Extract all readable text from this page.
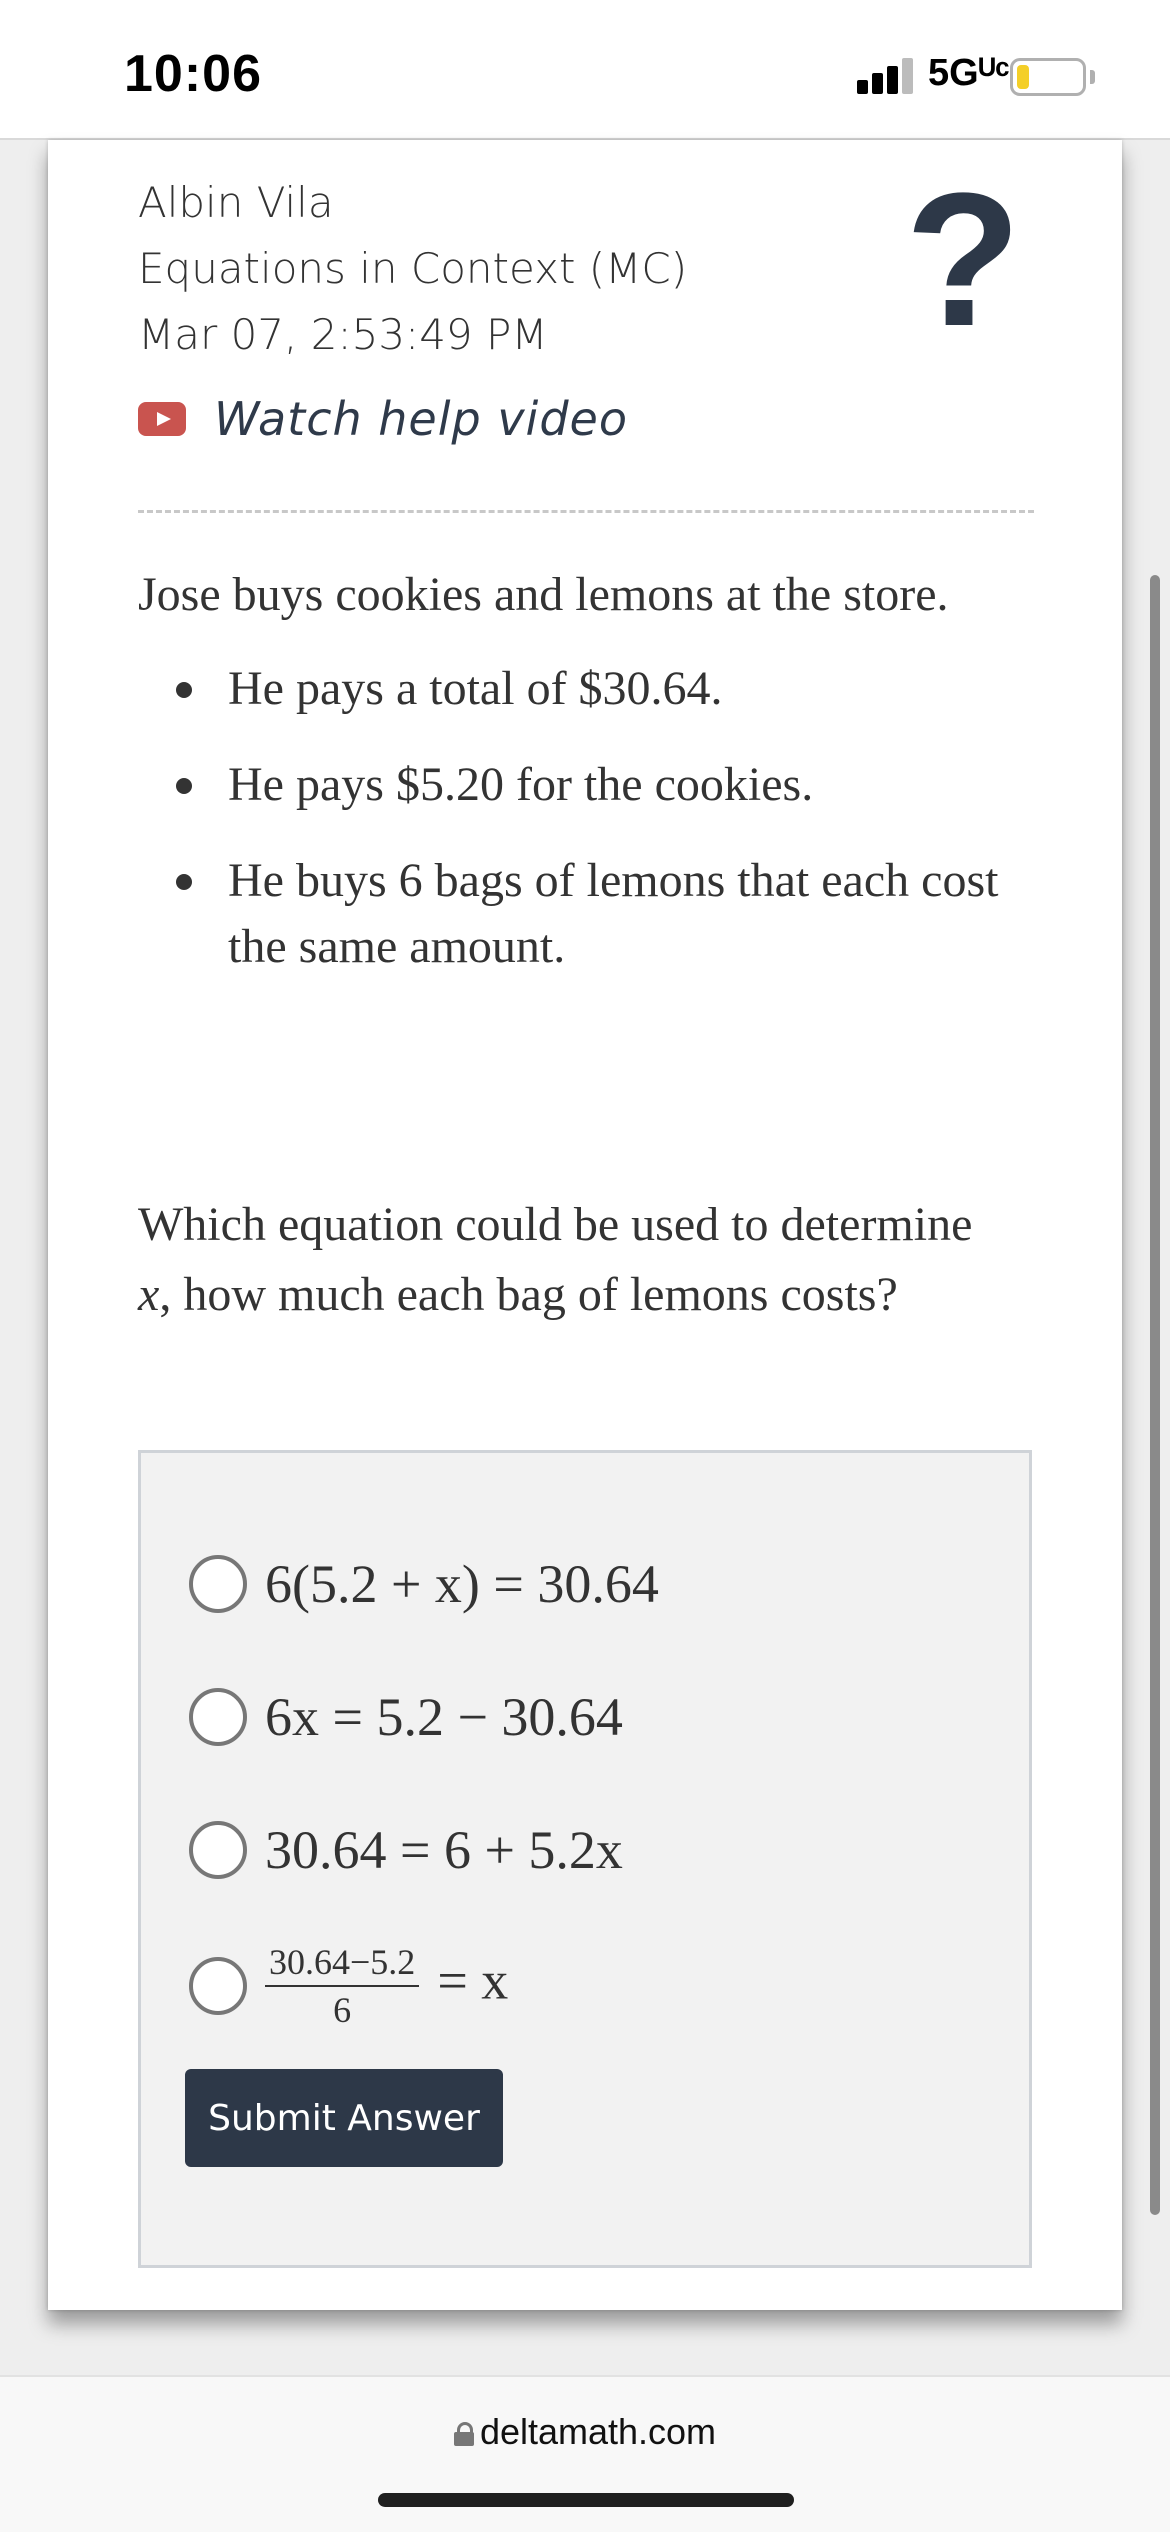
10:06	5Gᵁᶜ
Albin Vila
Equations in Context (MC)
Mar 07, 2:53:49 PM	?
Watch help video
Jose buys cookies and lemons at the store.
He pays a total of $30.64.
He pays $5.20 for the cookies.
He buys 6 bags of lemons that each cost the same amount.
Which equation could be used to determine x, how much each bag of lemons costs?
6(5.2 + x) = 30.64
6x = 5.2 − 30.64
30.64 = 6 + 5.2x
$\frac{30.64-5.2}{6} = x$
Submit Answer
deltamath.com
